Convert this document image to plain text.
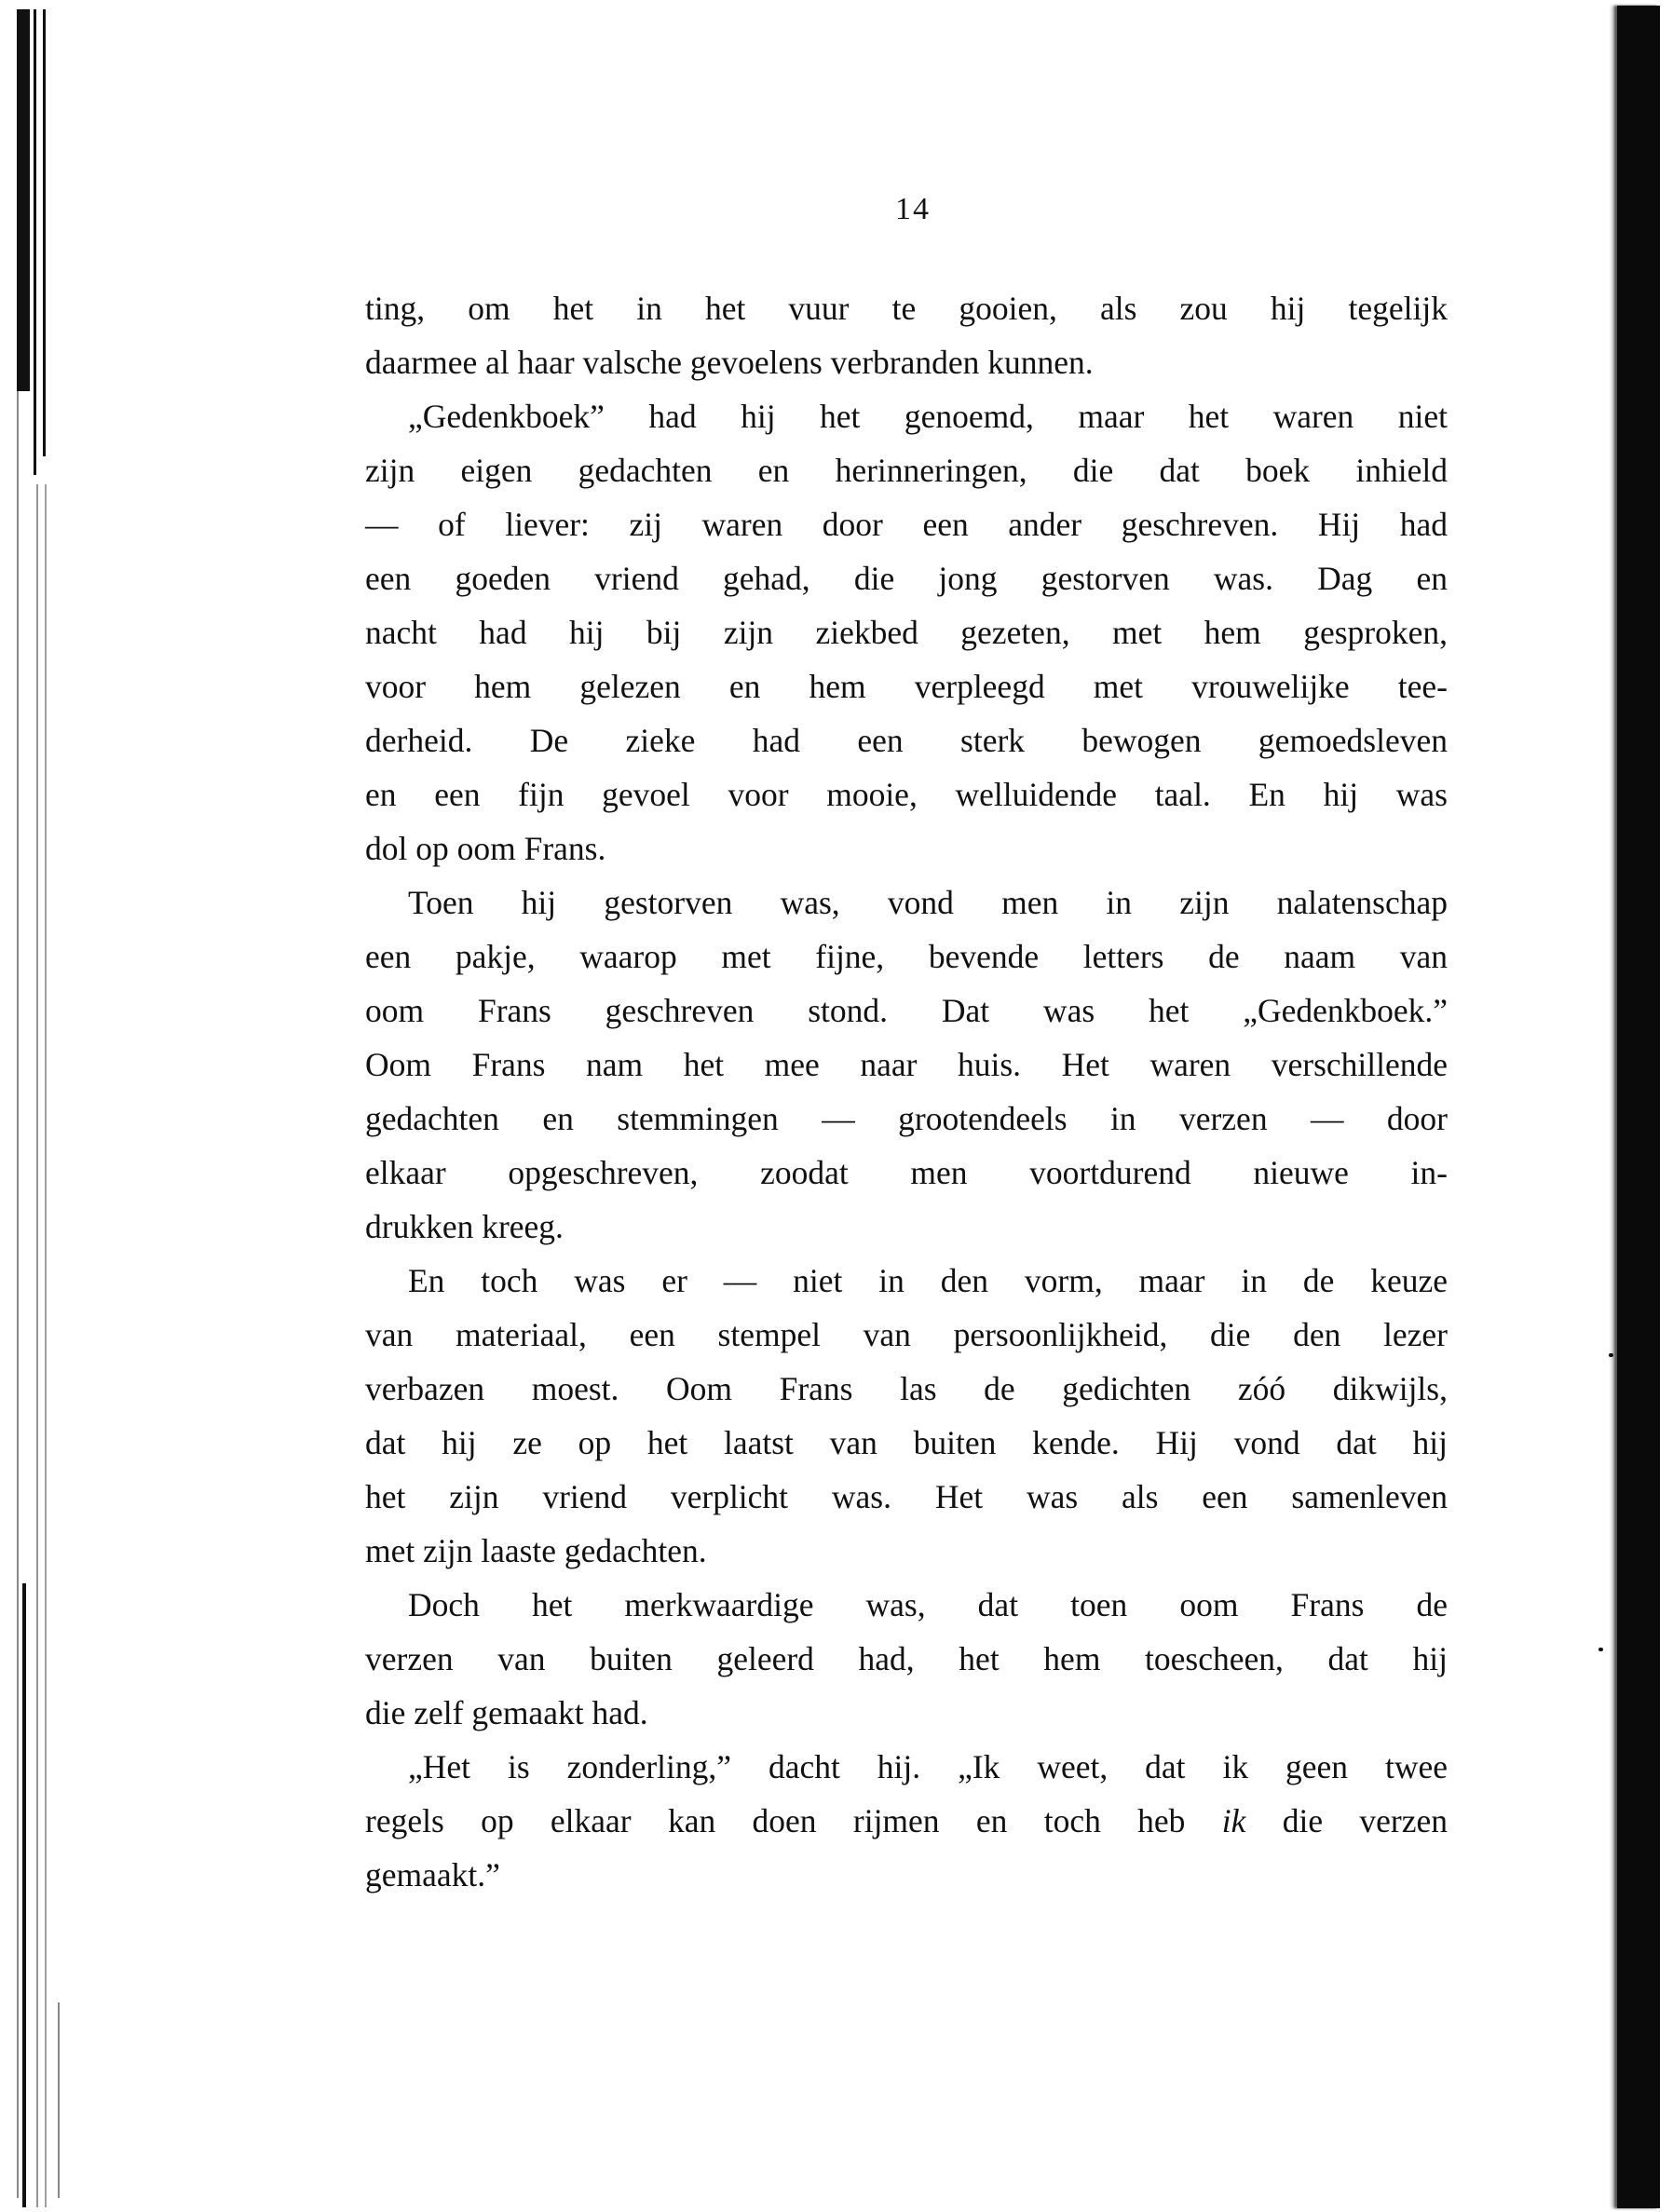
14
ting, om het in het vuur te gooien, als zou hij tegelijk
daarmee al haar valsche gevoelens verbranden kunnen.
„Gedenkboek” had hij het genoemd, maar het waren niet
zijn eigen gedachten en herinneringen, die dat boek inhield
— of liever: zij waren door een ander geschreven. Hij had
een goeden vriend gehad, die jong gestorven was. Dag en
nacht had hij bij zijn ziekbed gezeten, met hem gesproken,
voor hem gelezen en hem verpleegd met vrouwelijke tee-
derheid. De zieke had een sterk bewogen gemoedsleven
en een fijn gevoel voor mooie, welluidende taal. En hij was
dol op oom Frans.
Toen hij gestorven was, vond men in zijn nalatenschap
een pakje, waarop met fijne, bevende letters de naam van
oom Frans geschreven stond. Dat was het „Gedenkboek.”
Oom Frans nam het mee naar huis. Het waren verschillende
gedachten en stemmingen — grootendeels in verzen — door
elkaar opgeschreven, zoodat men voortdurend nieuwe in-
drukken kreeg.
En toch was er — niet in den vorm, maar in de keuze
van materiaal, een stempel van persoonlijkheid, die den lezer
verbazen moest. Oom Frans las de gedichten zóó dikwijls,
dat hij ze op het laatst van buiten kende. Hij vond dat hij
het zijn vriend verplicht was. Het was als een samenleven
met zijn laaste gedachten.
Doch het merkwaardige was, dat toen oom Frans de
verzen van buiten geleerd had, het hem toescheen, dat hij
die zelf gemaakt had.
„Het is zonderling,” dacht hij. „Ik weet, dat ik geen twee
regels op elkaar kan doen rijmen en toch heb ik die verzen
gemaakt.”
